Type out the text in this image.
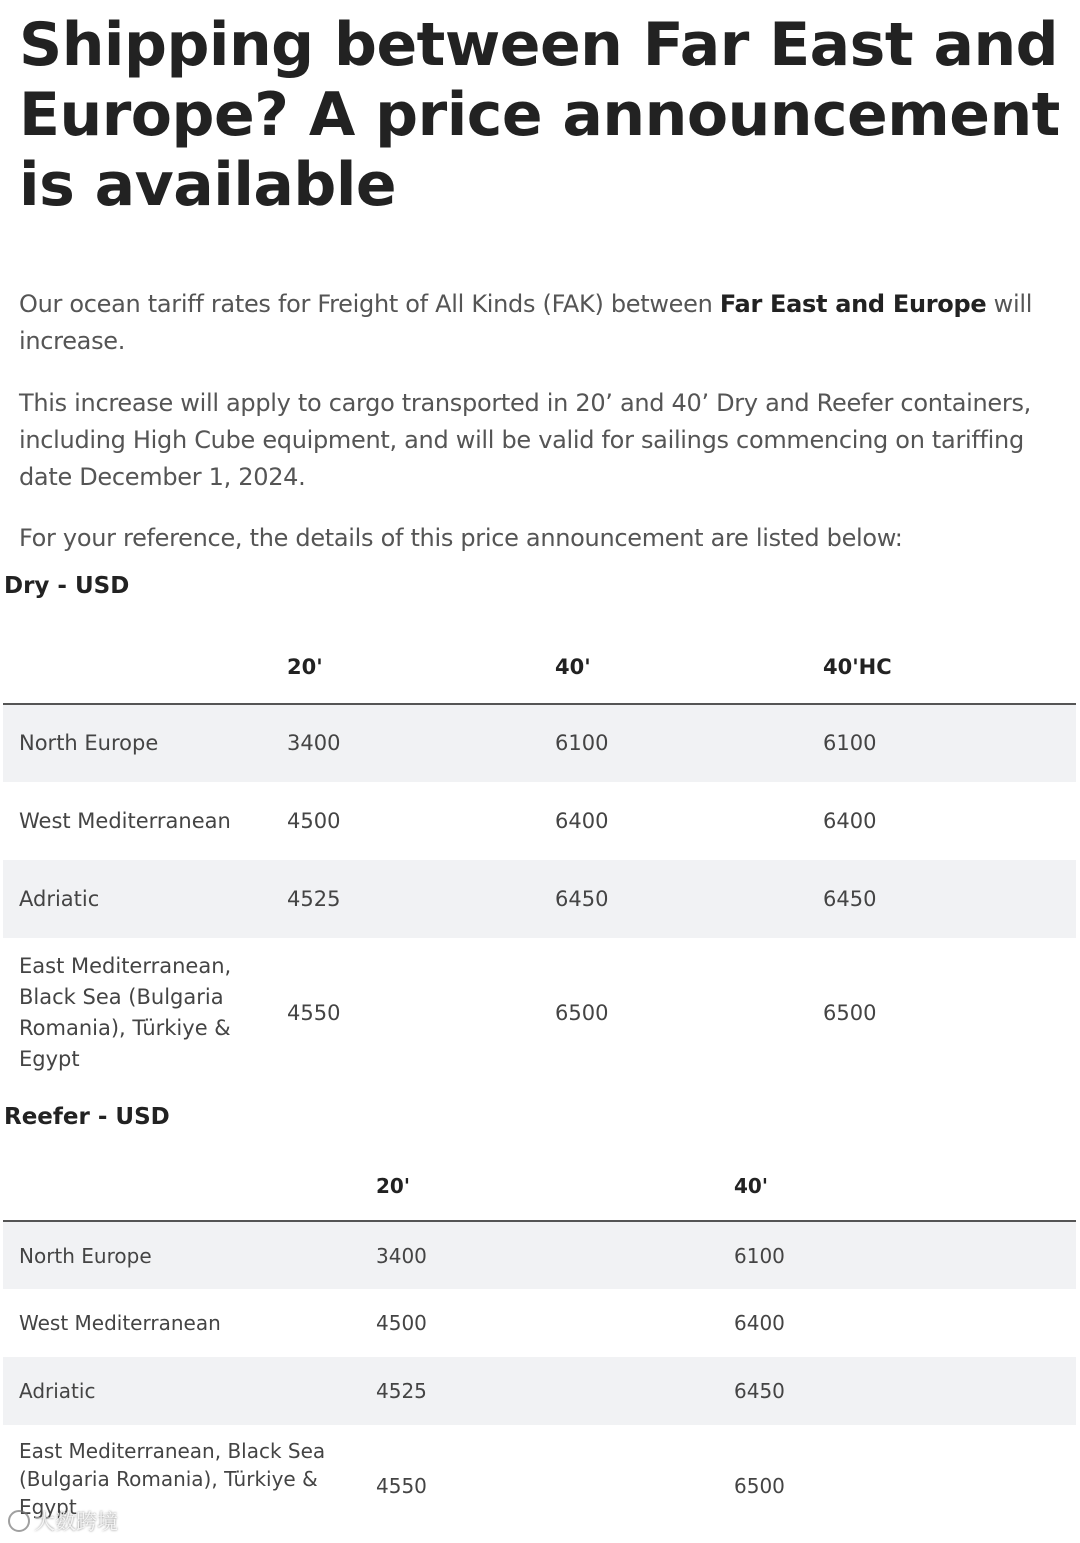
Shipping between Far East and Europe? A price announcement is available

Our ocean tariff rates for Freight of All Kinds (FAK) between Far East and Europe will increase.

This increase will apply to cargo transported in 20’ and 40’ Dry and Reefer containers, including High Cube equipment, and will be valid for sailings commencing on tariffing date December 1, 2024.

For your reference, the details of this price announcement are listed below:

Dry - USD
	20'	40'	40'HC
North Europe	3400	6100	6100
West Mediterranean	4500	6400	6400
Adriatic	4525	6450	6450
East Mediterranean, Black Sea (Bulgaria Romania), Türkiye & Egypt	4550	6500	6500
Reefer - USD
	20'	40'
North Europe	3400	6100
West Mediterranean	4500	6400
Adriatic	4525	6450
East Mediterranean, Black Sea (Bulgaria Romania), Türkiye & Egypt	4550	6500
大数跨境
